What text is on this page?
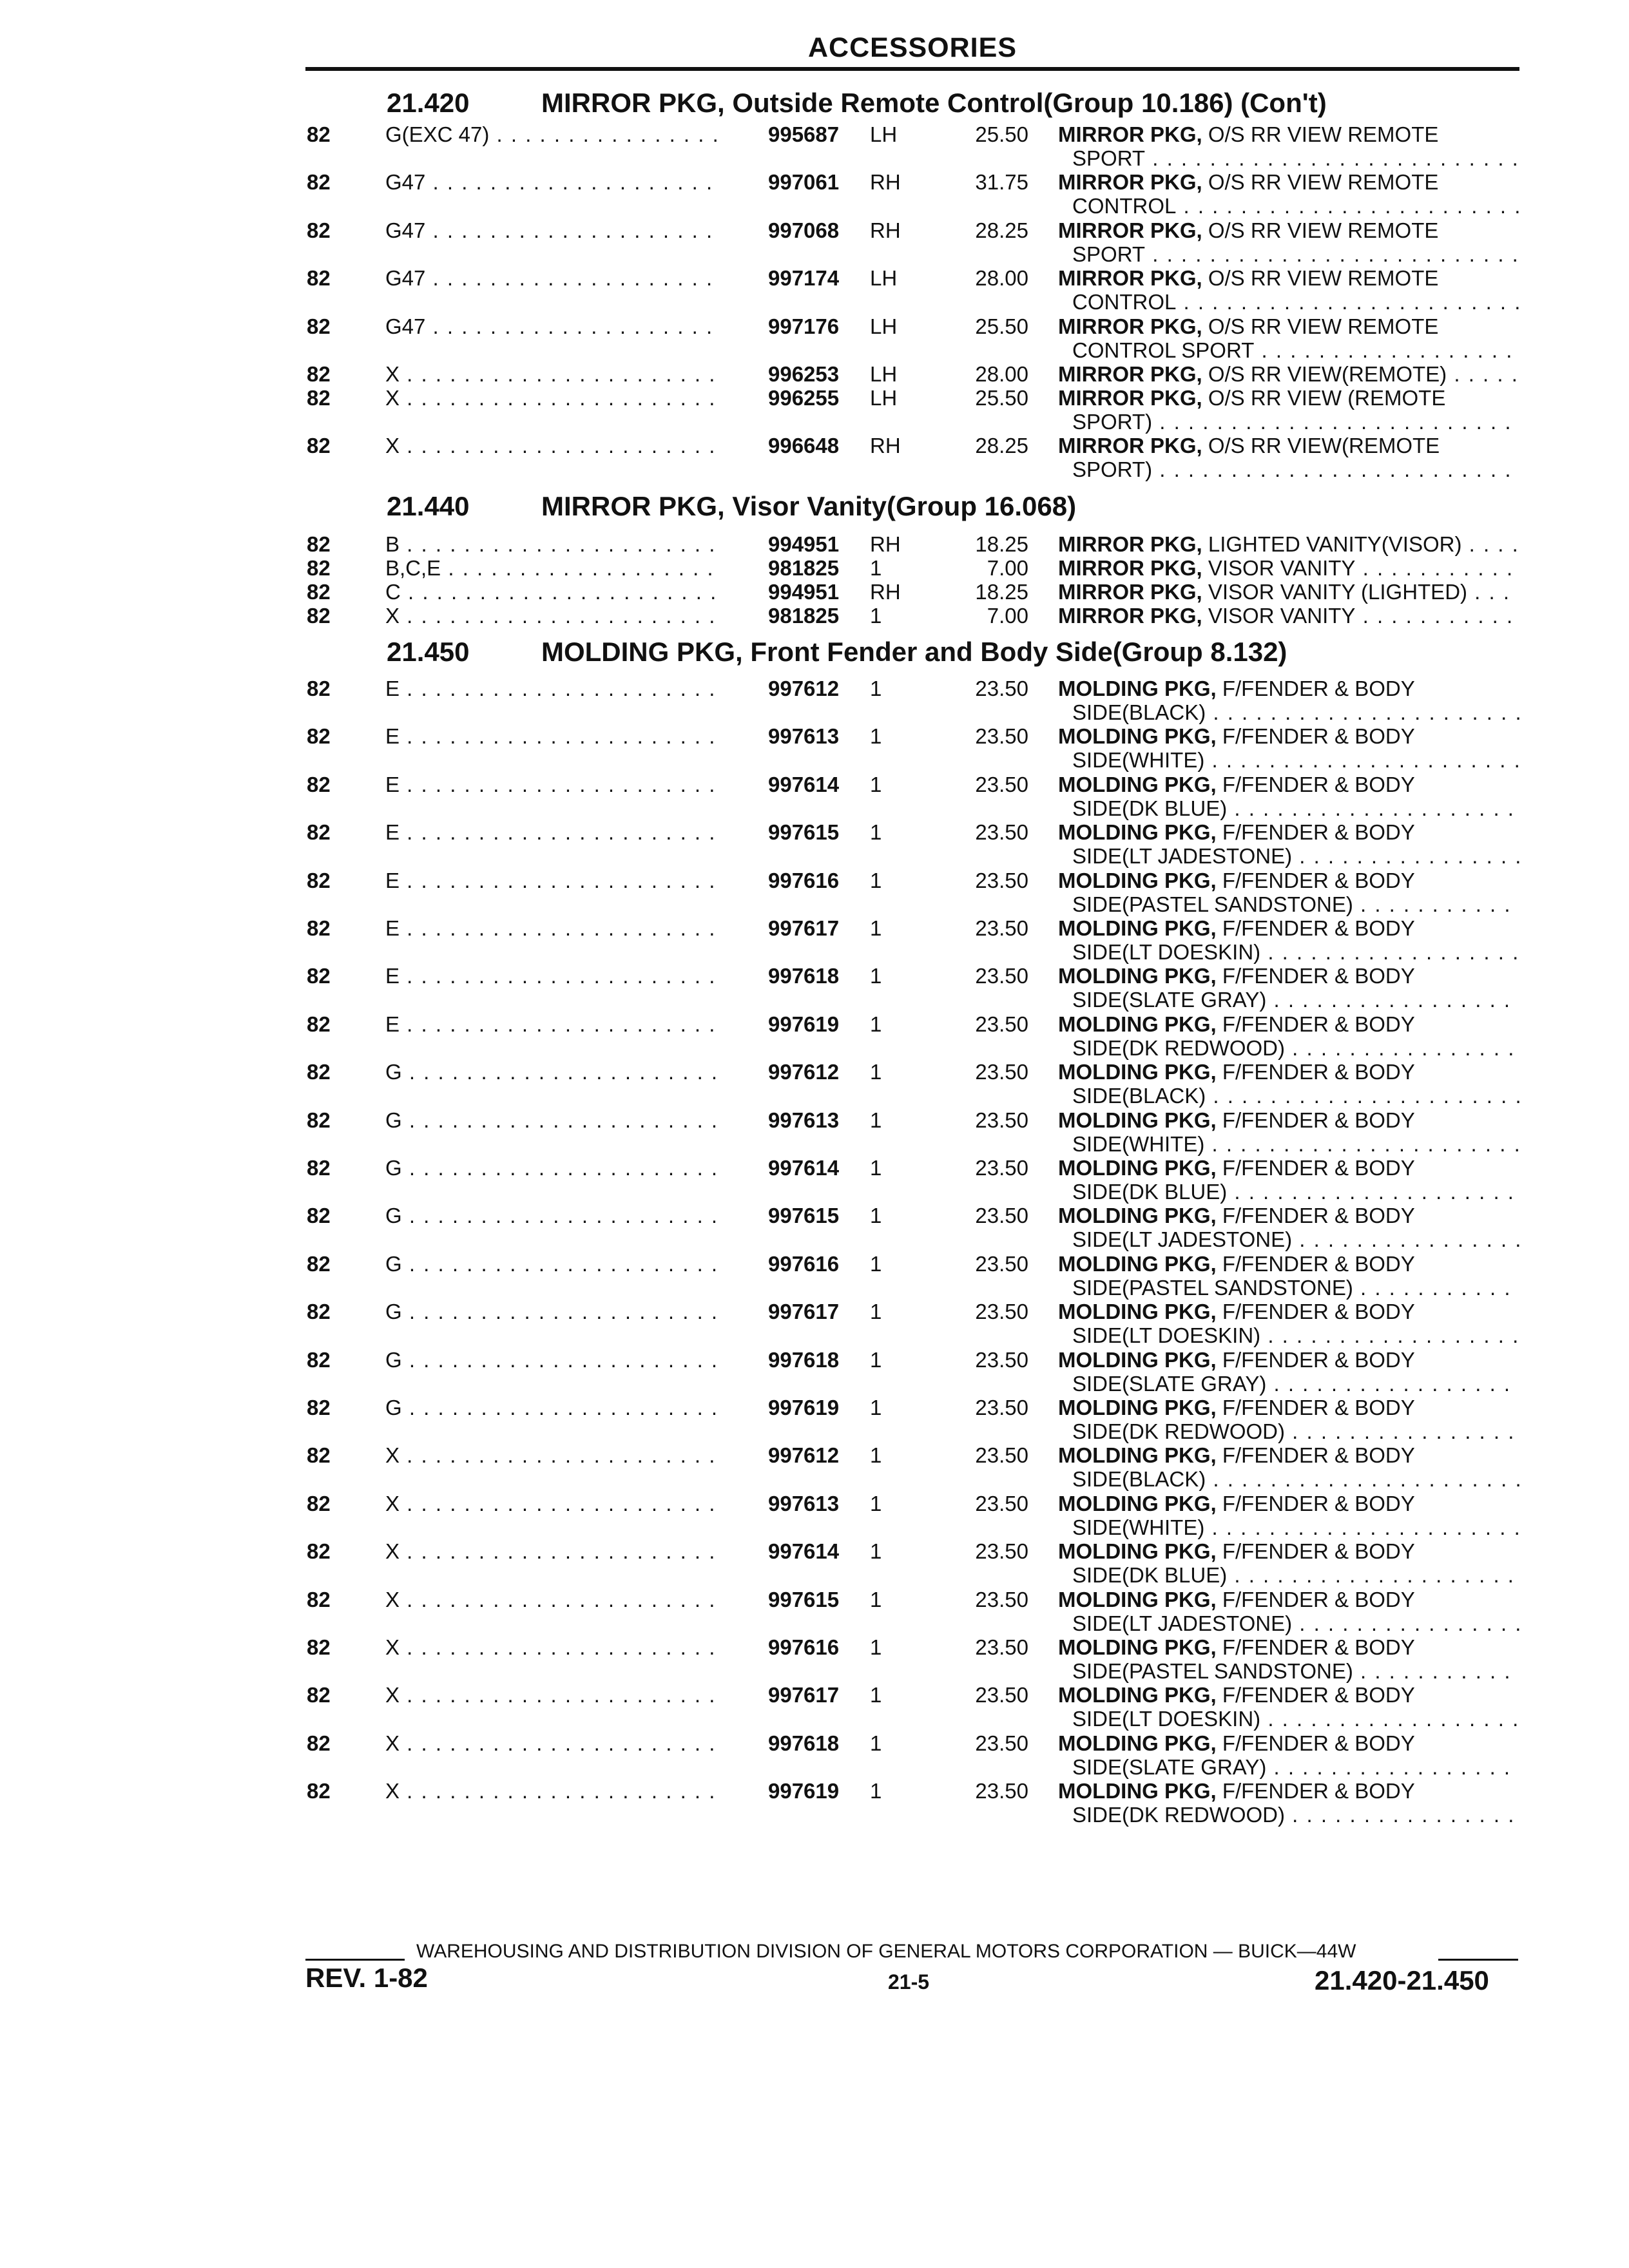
ACCESSORIES
21.420	MIRROR PKG, Outside Remote Control(Group 10.186) (Con't)
82	G(EXC 47) . . .	995687 LH	25.50 MIRROR PKG, O/S RR VIEW REMOTE
SPORT . . .
82	G47 . . .	997061 RH	31.75 MIRROR PKG, O/S RR VIEW REMOTE
CONTROL . . .
82	G47 . . .	997068 RH	28.25 MIRROR PKG, O/S RR VIEW REMOTE
SPORT . . .
82	G47 . . .	997174 LH	28.00 MIRROR PKG, O/S RR VIEW REMOTE
CONTROL . . .
82	G47 . . .	997176 LH	25.50 MIRROR PKG, O/S RR VIEW REMOTE
CONTROL SPORT . . .
82	X . . .	996253 LH	28.00 MIRROR PKG, O/S RR VIEW(REMOTE) . . .
82	X . . .	996255 LH	25.50 MIRROR PKG, O/S RR VIEW (REMOTE
SPORT) . . .
82	X . . .	996648 RH	28.25 MIRROR PKG, O/S RR VIEW(REMOTE
SPORT) . . .
21.440	MIRROR PKG, Visor Vanity(Group 16.068)
82	B . . .	994951 RH	18.25 MIRROR PKG, LIGHTED VANITY(VISOR) . . .
82	B,C,E . . .	981825 1	7.00 MIRROR PKG, VISOR VANITY . . .
82	C . . .	994951 RH	18.25 MIRROR PKG, VISOR VANITY (LIGHTED) . . .
82	X . . .	981825 1	7.00 MIRROR PKG, VISOR VANITY . . .
21.450	MOLDING PKG, Front Fender and Body Side(Group 8.132)
82	E . . .	997612 1	23.50 MOLDING PKG, F/FENDER & BODY
SIDE(BLACK) . . .
82	E . . .	997613 1	23.50 MOLDING PKG, F/FENDER & BODY
SIDE(WHITE) . . .
82	E . . .	997614 1	23.50 MOLDING PKG, F/FENDER & BODY
SIDE(DK BLUE) . . .
82	E . . .	997615 1	23.50 MOLDING PKG, F/FENDER & BODY
SIDE(LT JADESTONE) . . .
82	E . . .	997616 1	23.50 MOLDING PKG, F/FENDER & BODY
SIDE(PASTEL SANDSTONE) . . .
82	E . . .	997617 1	23.50 MOLDING PKG, F/FENDER & BODY
SIDE(LT DOESKIN) . . .
82	E . . .	997618 1	23.50 MOLDING PKG, F/FENDER & BODY
SIDE(SLATE GRAY) . . .
82	E . . .	997619 1	23.50 MOLDING PKG, F/FENDER & BODY
SIDE(DK REDWOOD) . . .
82	G . . .	997612 1	23.50 MOLDING PKG, F/FENDER & BODY
SIDE(BLACK) . . .
82	G . . .	997613 1	23.50 MOLDING PKG, F/FENDER & BODY
SIDE(WHITE) . . .
82	G . . .	997614 1	23.50 MOLDING PKG, F/FENDER & BODY
SIDE(DK BLUE) . . .
82	G . . .	997615 1	23.50 MOLDING PKG, F/FENDER & BODY
SIDE(LT JADESTONE) . . .
82	G . . .	997616 1	23.50 MOLDING PKG, F/FENDER & BODY
SIDE(PASTEL SANDSTONE) . . .
82	G . . .	997617 1	23.50 MOLDING PKG, F/FENDER & BODY
SIDE(LT DOESKIN) . . .
82	G . . .	997618 1	23.50 MOLDING PKG, F/FENDER & BODY
SIDE(SLATE GRAY) . . .
82	G . . .	997619 1	23.50 MOLDING PKG, F/FENDER & BODY
SIDE(DK REDWOOD) . . .
82	X . . .	997612 1	23.50 MOLDING PKG, F/FENDER & BODY
SIDE(BLACK) . . .
82	X . . .	997613 1	23.50 MOLDING PKG, F/FENDER & BODY
SIDE(WHITE) . . .
82	X . . .	997614 1	23.50 MOLDING PKG, F/FENDER & BODY
SIDE(DK BLUE) . . .
82	X . . .	997615 1	23.50 MOLDING PKG, F/FENDER & BODY
SIDE(LT JADESTONE) . . .
82	X . . .	997616 1	23.50 MOLDING PKG, F/FENDER & BODY
SIDE(PASTEL SANDSTONE) . . .
82	X . . .	997617 1	23.50 MOLDING PKG, F/FENDER & BODY
SIDE(LT DOESKIN) . . .
82	X . . .	997618 1	23.50 MOLDING PKG, F/FENDER & BODY
SIDE(SLATE GRAY) . . .
82	X . . .	997619 1	23.50 MOLDING PKG, F/FENDER & BODY
SIDE(DK REDWOOD) . . .
WAREHOUSING AND DISTRIBUTION DIVISION OF GENERAL MOTORS CORPORATION — BUICK—44W
REV. 1-82	21-5	21.420-21.450
